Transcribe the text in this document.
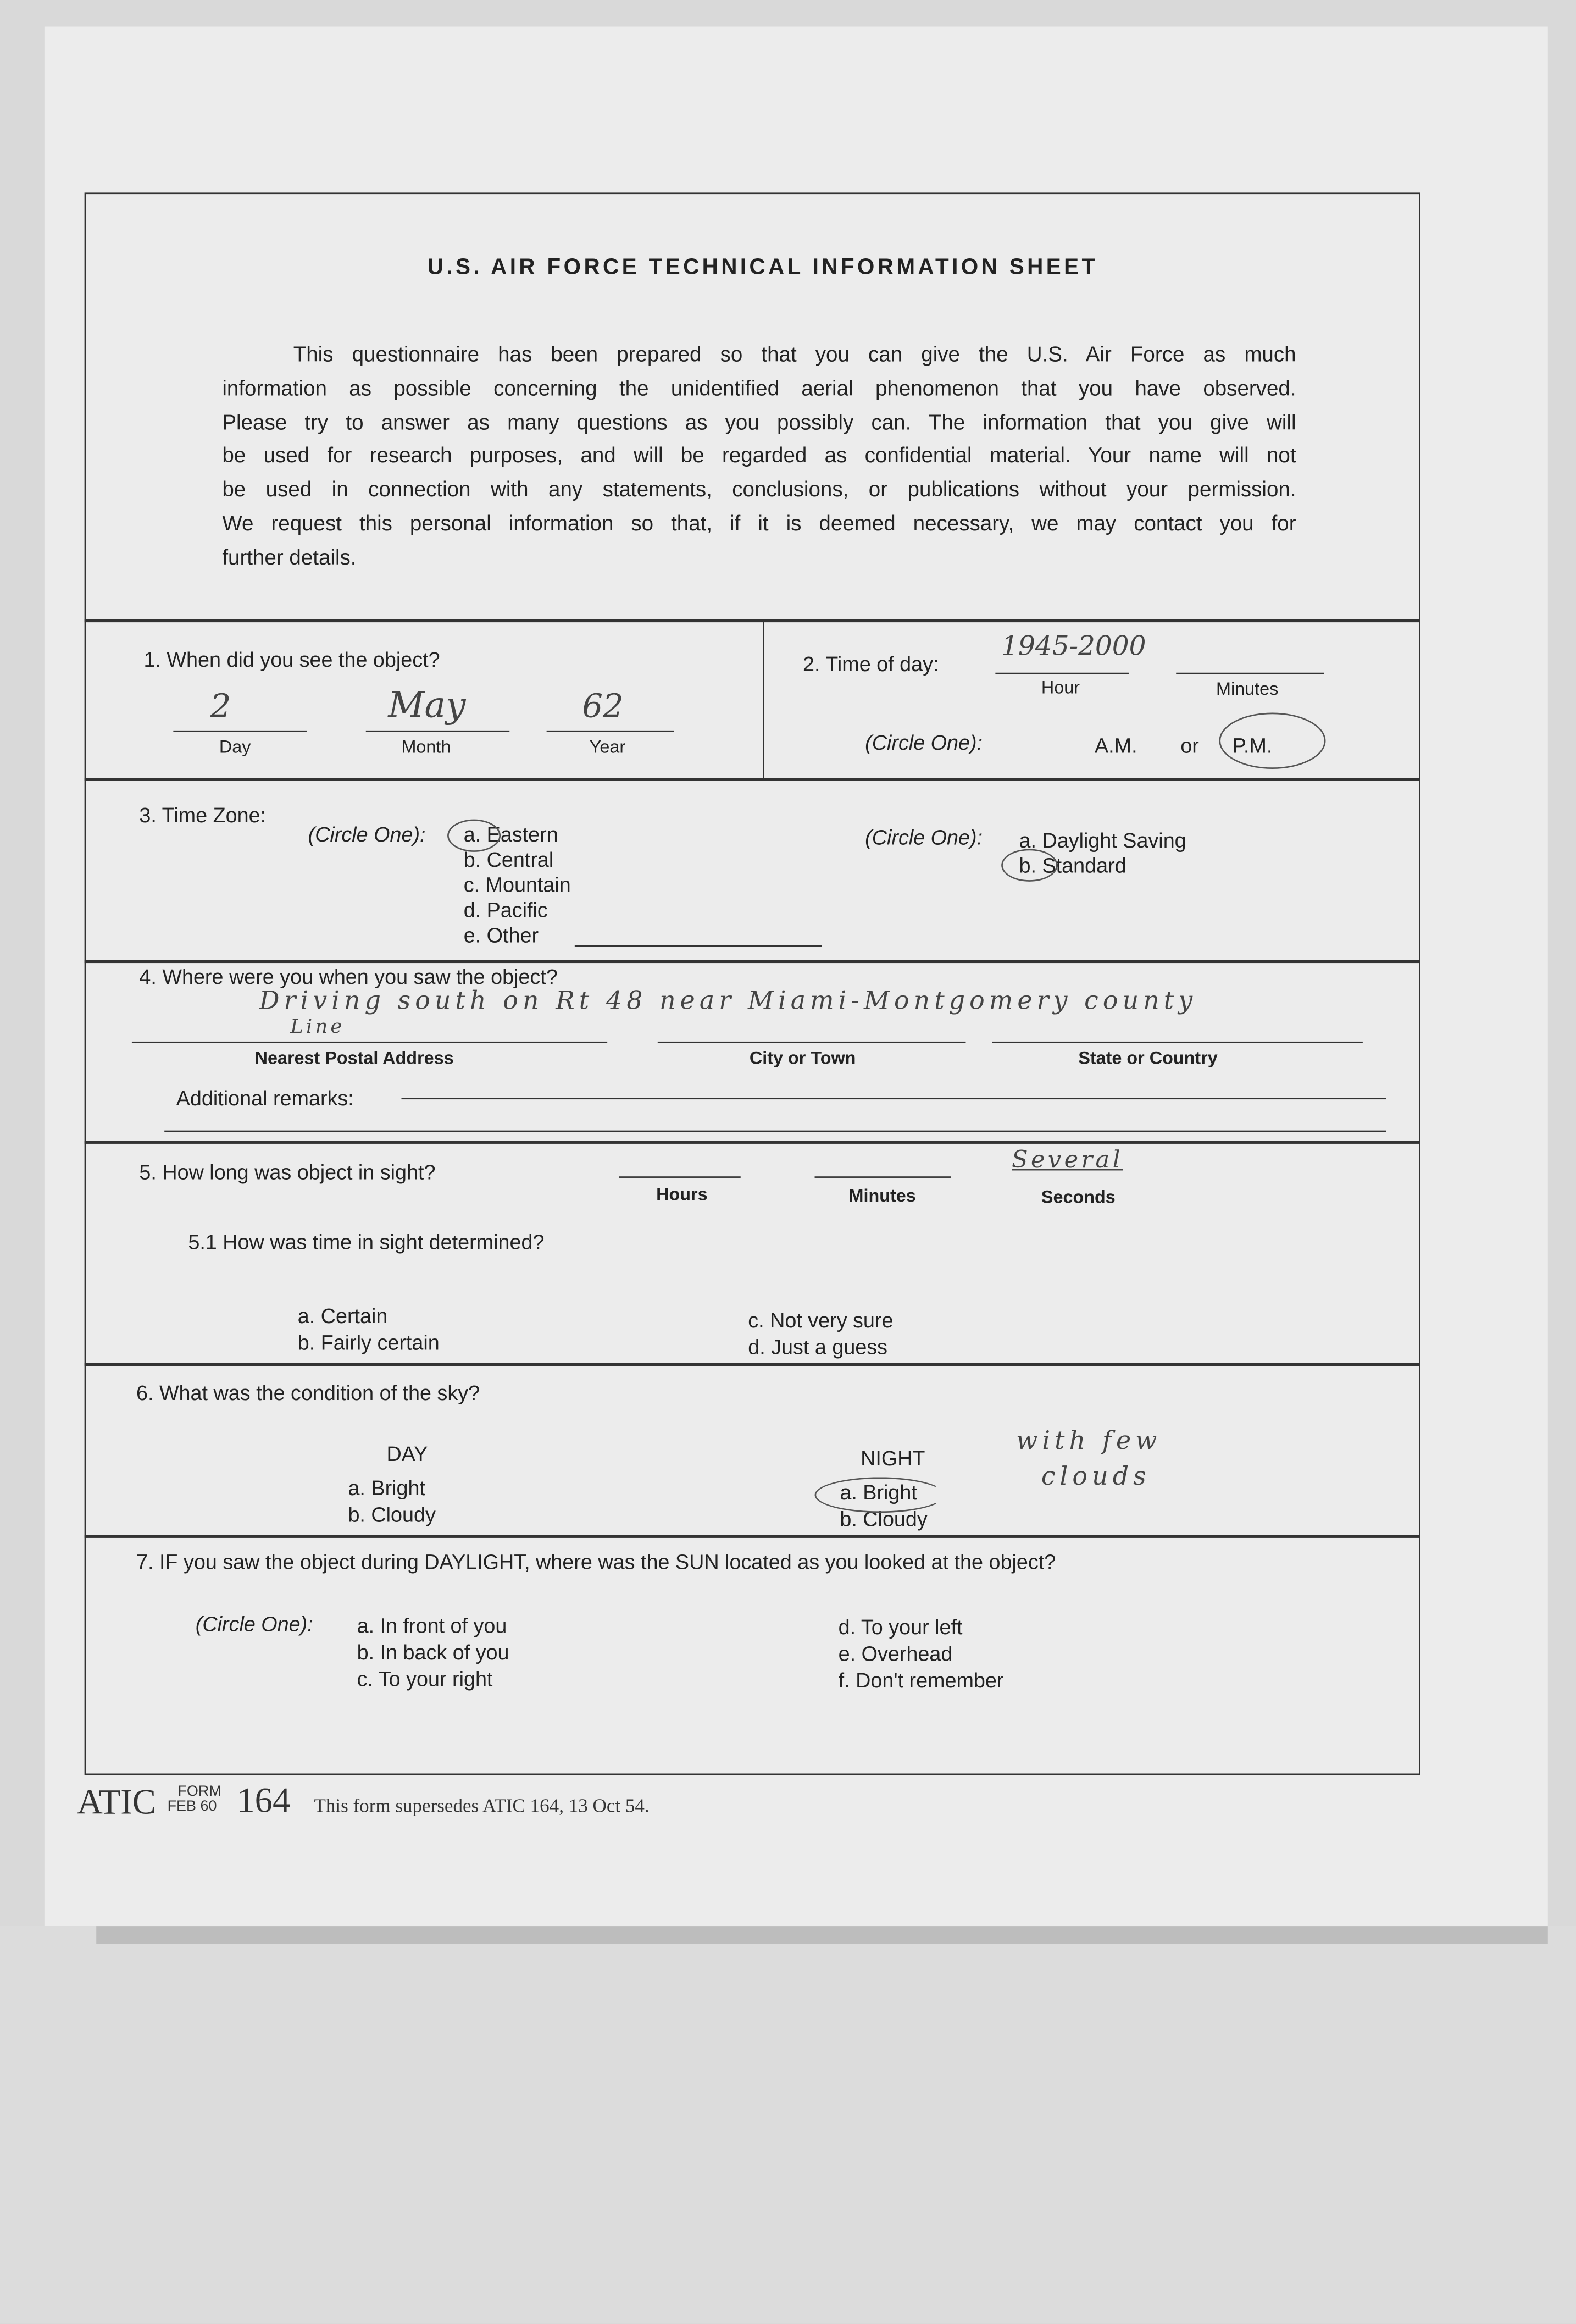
U.S. AIR FORCE TECHNICAL INFORMATION SHEET
This questionnaire has been prepared so that you can give the U.S. Air Force as much
information as possible concerning the unidentified aerial phenomenon that you have observed.
Please try to answer as many questions as you possibly can. The information that you give will
be used for research purposes, and will be regarded as confidential material. Your name will not
be used in connection with any statements, conclusions, or publications without your permission.
We request this personal information so that, if it is deemed necessary, we may contact you for
further details.
1. When did you see the object?
2	May	62
Day	Month	Year
2. Time of day:
1945-2000
Hour	Minutes
(Circle One):	A.M.	or	P.M.
3. Time Zone:
(Circle One):	a. Eastern
b. Central
c. Mountain
d. Pacific
e. Other
(Circle One):	a. Daylight Saving
b. Standard
4. Where were you when you saw the object?
Driving south on Rt 48 near Miami-Montgomery county
Line
Nearest Postal Address	City or Town	State or Country
Additional remarks:
5. How long was object in sight?	Several
Hours	Minutes	Seconds
5.1 How was time in sight determined?
a. Certain
b. Fairly certain
c. Not very sure
d. Just a guess
6. What was the condition of the sky?
DAY
a. Bright
b. Cloudy
NIGHT
a. Bright
b. Cloudy
with few
clouds
7. IF you saw the object during DAYLIGHT, where was the SUN located as you looked at the object?
(Circle One):	a. In front of you
b. In back of you
c. To your right
d. To your left
e. Overhead
f. Don't remember
ATIC	FORM
FEB 60	164	This form supersedes ATIC 164, 13 Oct 54.
